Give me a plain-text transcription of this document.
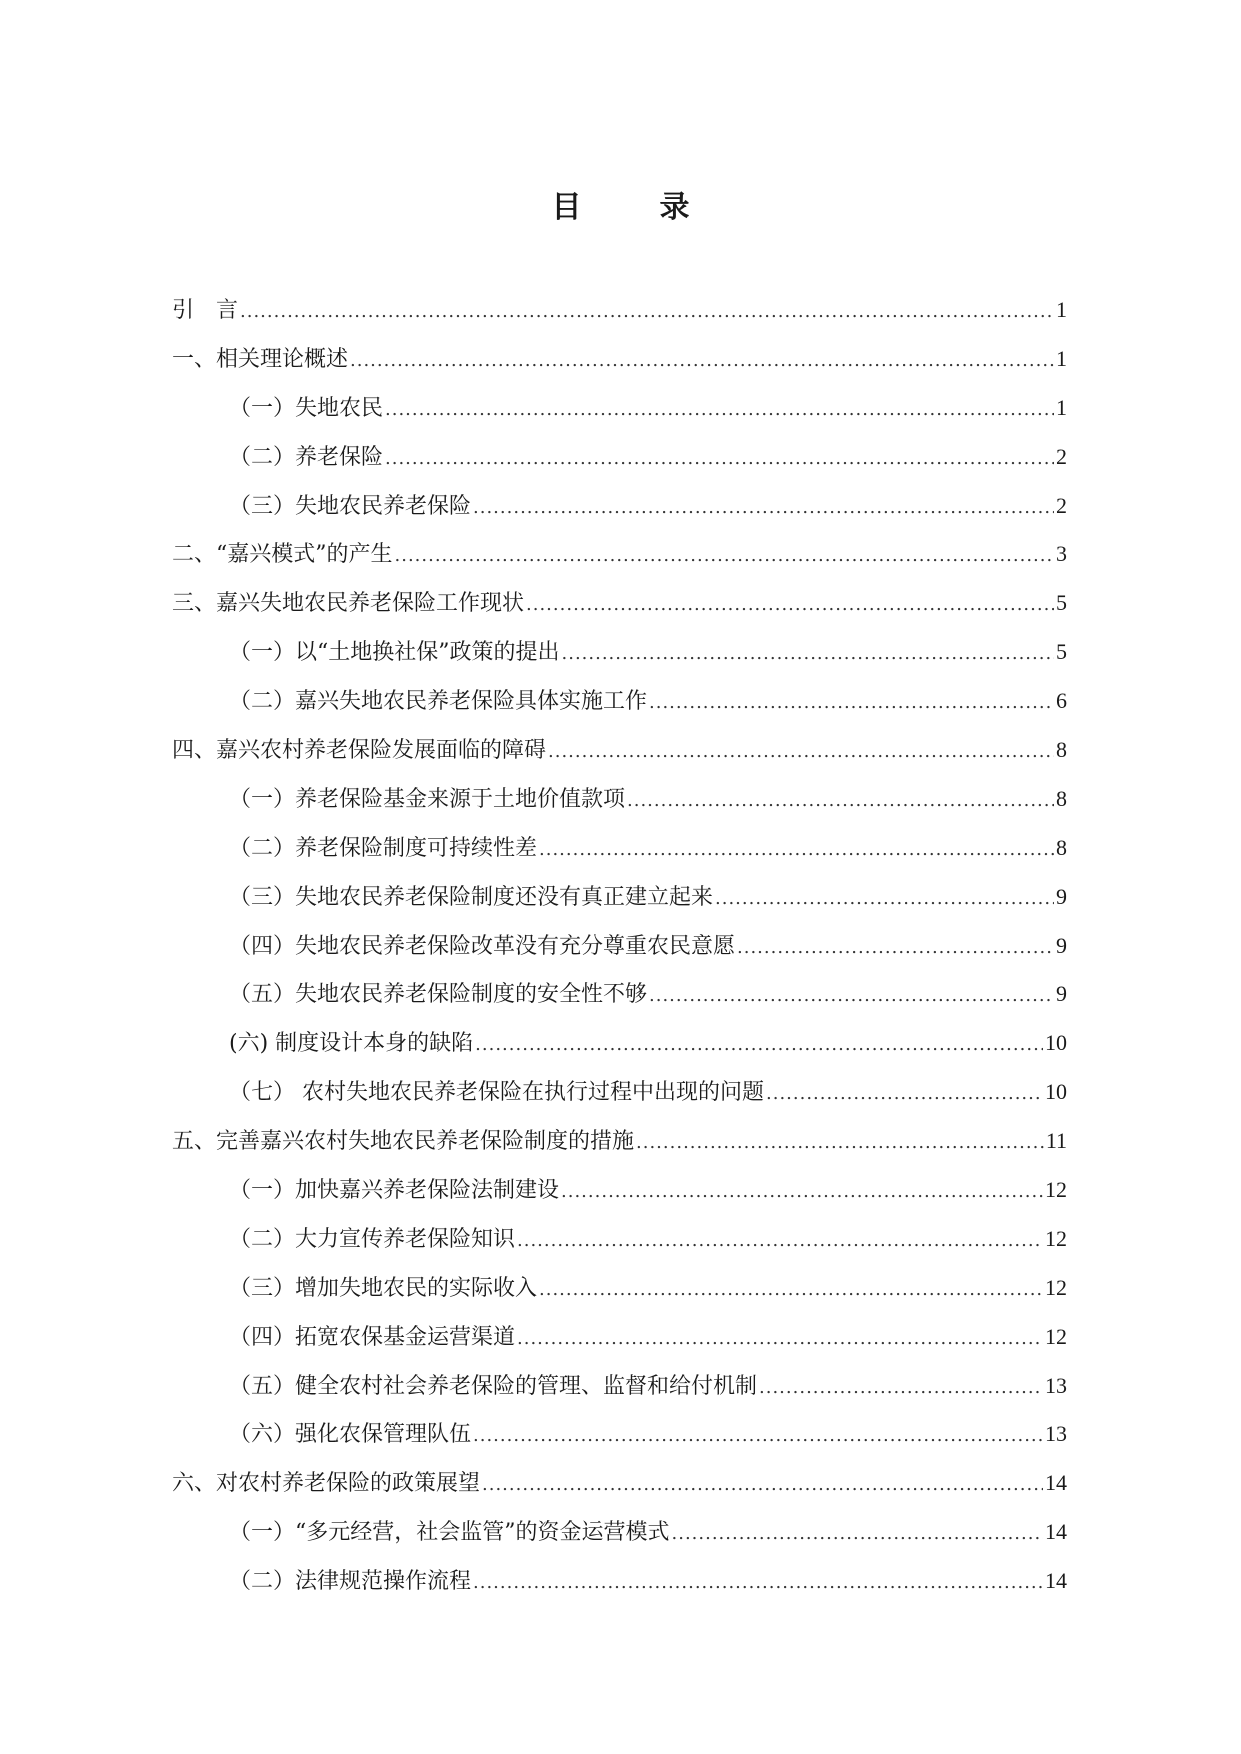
目　录
引　言 .....	1
一、相关理论概述 .....	1
（一）失地农民 .....	1
（二）养老保险 .....	2
（三）失地农民养老保险 .....	2
二、“嘉兴模式”的产生 .....	3
三、嘉兴失地农民养老保险工作现状 .....	5
（一）以“土地换社保”政策的提出 .....	5
（二）嘉兴失地农民养老保险具体实施工作 .....	6
四、嘉兴农村养老保险发展面临的障碍 .....	8
（一）养老保险基金来源于土地价值款项 .....	8
（二）养老保险制度可持续性差 .....	8
（三）失地农民养老保险制度还没有真正建立起来 .....	9
（四）失地农民养老保险改革没有充分尊重农民意愿 .....	9
（五）失地农民养老保险制度的安全性不够 .....	9
(六) 制度设计本身的缺陷 .....	10
（七） 农村失地农民养老保险在执行过程中出现的问题 .....	10
五、完善嘉兴农村失地农民养老保险制度的措施 .....	11
（一）加快嘉兴养老保险法制建设 .....	12
（二）大力宣传养老保险知识 .....	12
（三）增加失地农民的实际收入 .....	12
（四）拓宽农保基金运营渠道 .....	12
（五）健全农村社会养老保险的管理、监督和给付机制 .....	13
（六）强化农保管理队伍 .....	13
六、对农村养老保险的政策展望 .....	14
（一）“多元经营，社会监管”的资金运营模式 .....	14
（二）法律规范操作流程 .....	14
